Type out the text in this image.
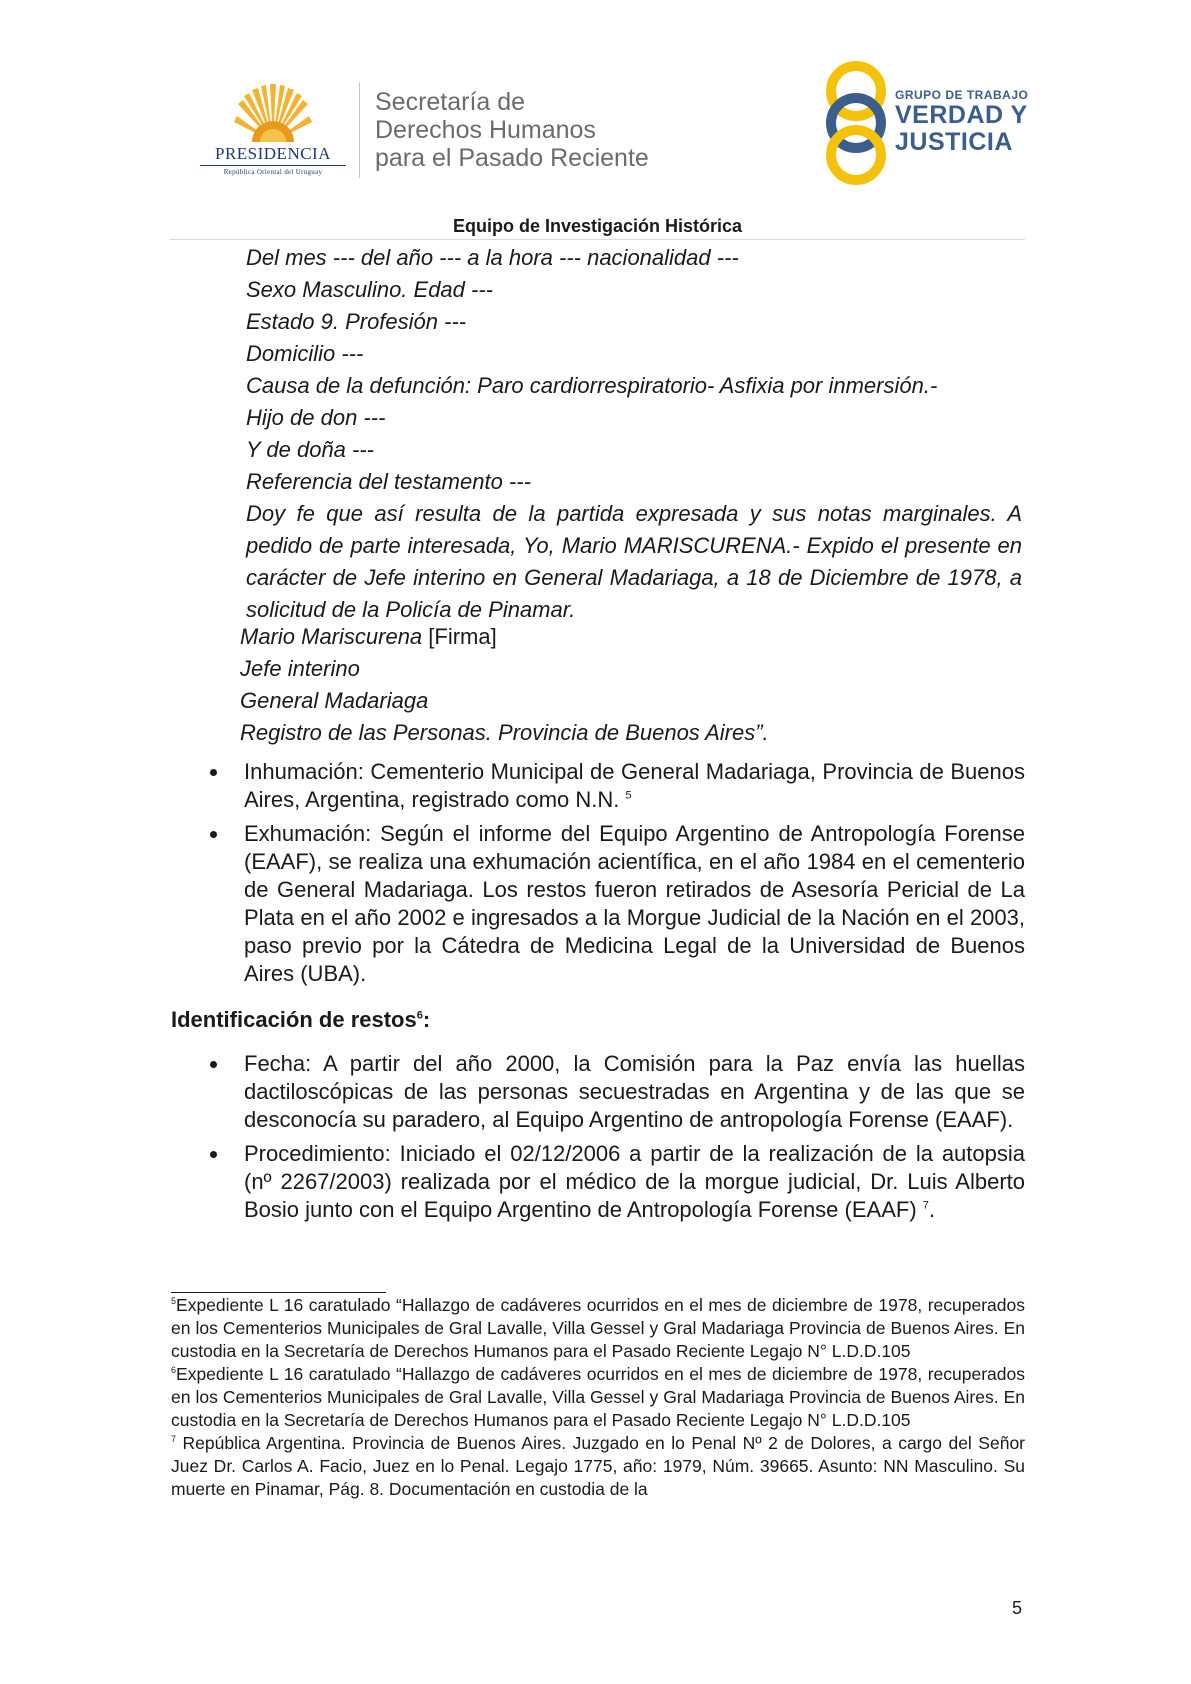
PRESIDENCIA
República Oriental del Uruguay
Secretaría de
Derechos Humanos
para el Pasado Reciente
GRUPO DE TRABAJO
VERDAD Y
JUSTICIA
Equipo de Investigación Histórica
Del mes --- del año --- a la hora --- nacionalidad ---
Sexo Masculino. Edad ---
Estado 9. Profesión ---
Domicilio ---
Causa de la defunción: Paro cardiorrespiratorio- Asfixia por inmersión.-
Hijo de don ---
Y de doña ---
Referencia del testamento ---
Doy fe que así resulta de la partida expresada y sus notas marginales. A pedido de parte interesada, Yo, Mario MARISCURENA.- Expido el presente en carácter de Jefe interino en General Madariaga, a 18 de Diciembre de 1978, a solicitud de la Policía de Pinamar.
Mario Mariscurena [Firma]
Jefe interino
General Madariaga
Registro de las Personas. Provincia de Buenos Aires”.
Inhumación: Cementerio Municipal de General Madariaga, Provincia de Buenos Aires, Argentina, registrado como N.N. $^5$
Exhumación: Según el informe del Equipo Argentino de Antropología Forense (EAAF), se realiza una exhumación acientífica, en el año 1984 en el cementerio de General Madariaga. Los restos fueron retirados de Asesoría Pericial de La Plata en el año 2002 e ingresados a la Morgue Judicial de la Nación en el 2003, paso previo por la Cátedra de Medicina Legal de la Universidad de Buenos Aires (UBA).
Identificación de restos$^6$:
Fecha: A partir del año 2000, la Comisión para la Paz envía las huellas dactiloscópicas de las personas secuestradas en Argentina y de las que se desconocía su paradero, al Equipo Argentino de antropología Forense (EAAF).
Procedimiento: Iniciado el 02/12/2006 a partir de la realización de la autopsia (nº 2267/2003) realizada por el médico de la morgue judicial, Dr. Luis Alberto Bosio junto con el Equipo Argentino de Antropología Forense (EAAF) $^7$.
$^5$Expediente L 16 caratulado “Hallazgo de cadáveres ocurridos en el mes de diciembre de 1978, recuperados en los Cementerios Municipales de Gral Lavalle, Villa Gessel y Gral Madariaga Provincia de Buenos Aires. En custodia en la Secretaría de Derechos Humanos para el Pasado Reciente Legajo N° L.D.D.105
$^6$Expediente L 16 caratulado “Hallazgo de cadáveres ocurridos en el mes de diciembre de 1978, recuperados en los Cementerios Municipales de Gral Lavalle, Villa Gessel y Gral Madariaga Provincia de Buenos Aires. En custodia en la Secretaría de Derechos Humanos para el Pasado Reciente Legajo N° L.D.D.105
$^7$ República Argentina. Provincia de Buenos Aires. Juzgado en lo Penal Nº 2 de Dolores, a cargo del Señor Juez Dr. Carlos A. Facio, Juez en lo Penal. Legajo 1775, año: 1979, Núm. 39665. Asunto: NN Masculino. Su muerte en Pinamar, Pág. 8. Documentación en custodia de la
5
